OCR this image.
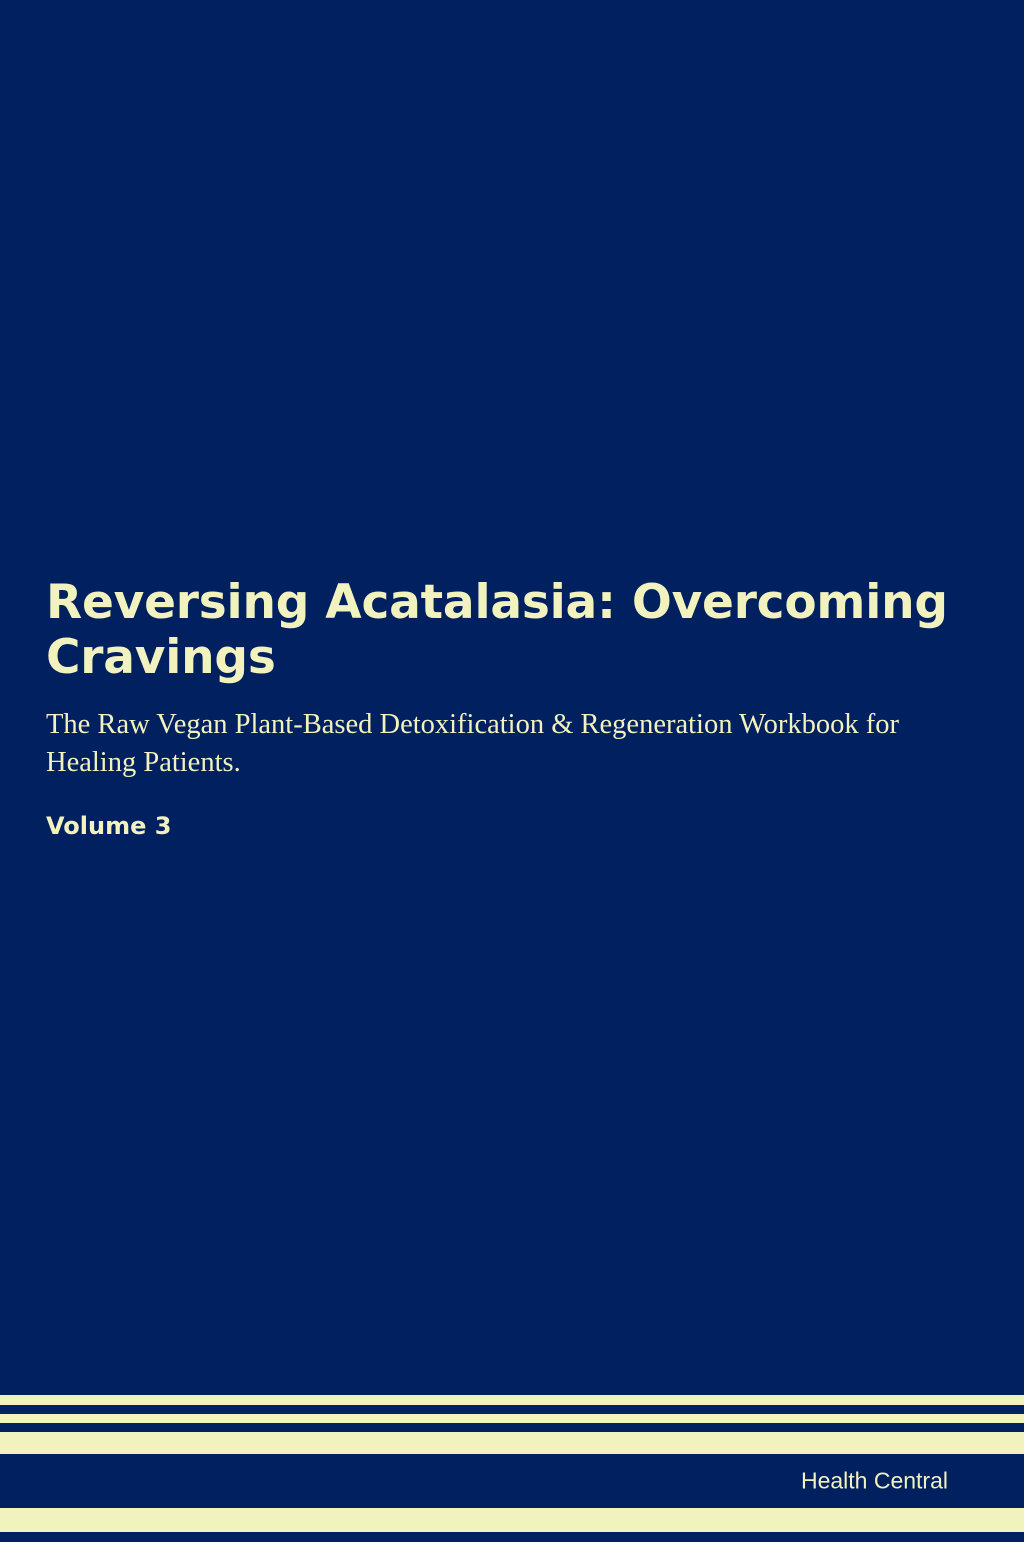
Reversing Acatalasia: Overcoming Cravings

The Raw Vegan Plant-Based Detoxification & Regeneration Workbook for Healing Patients.

Volume 3

Health Central
